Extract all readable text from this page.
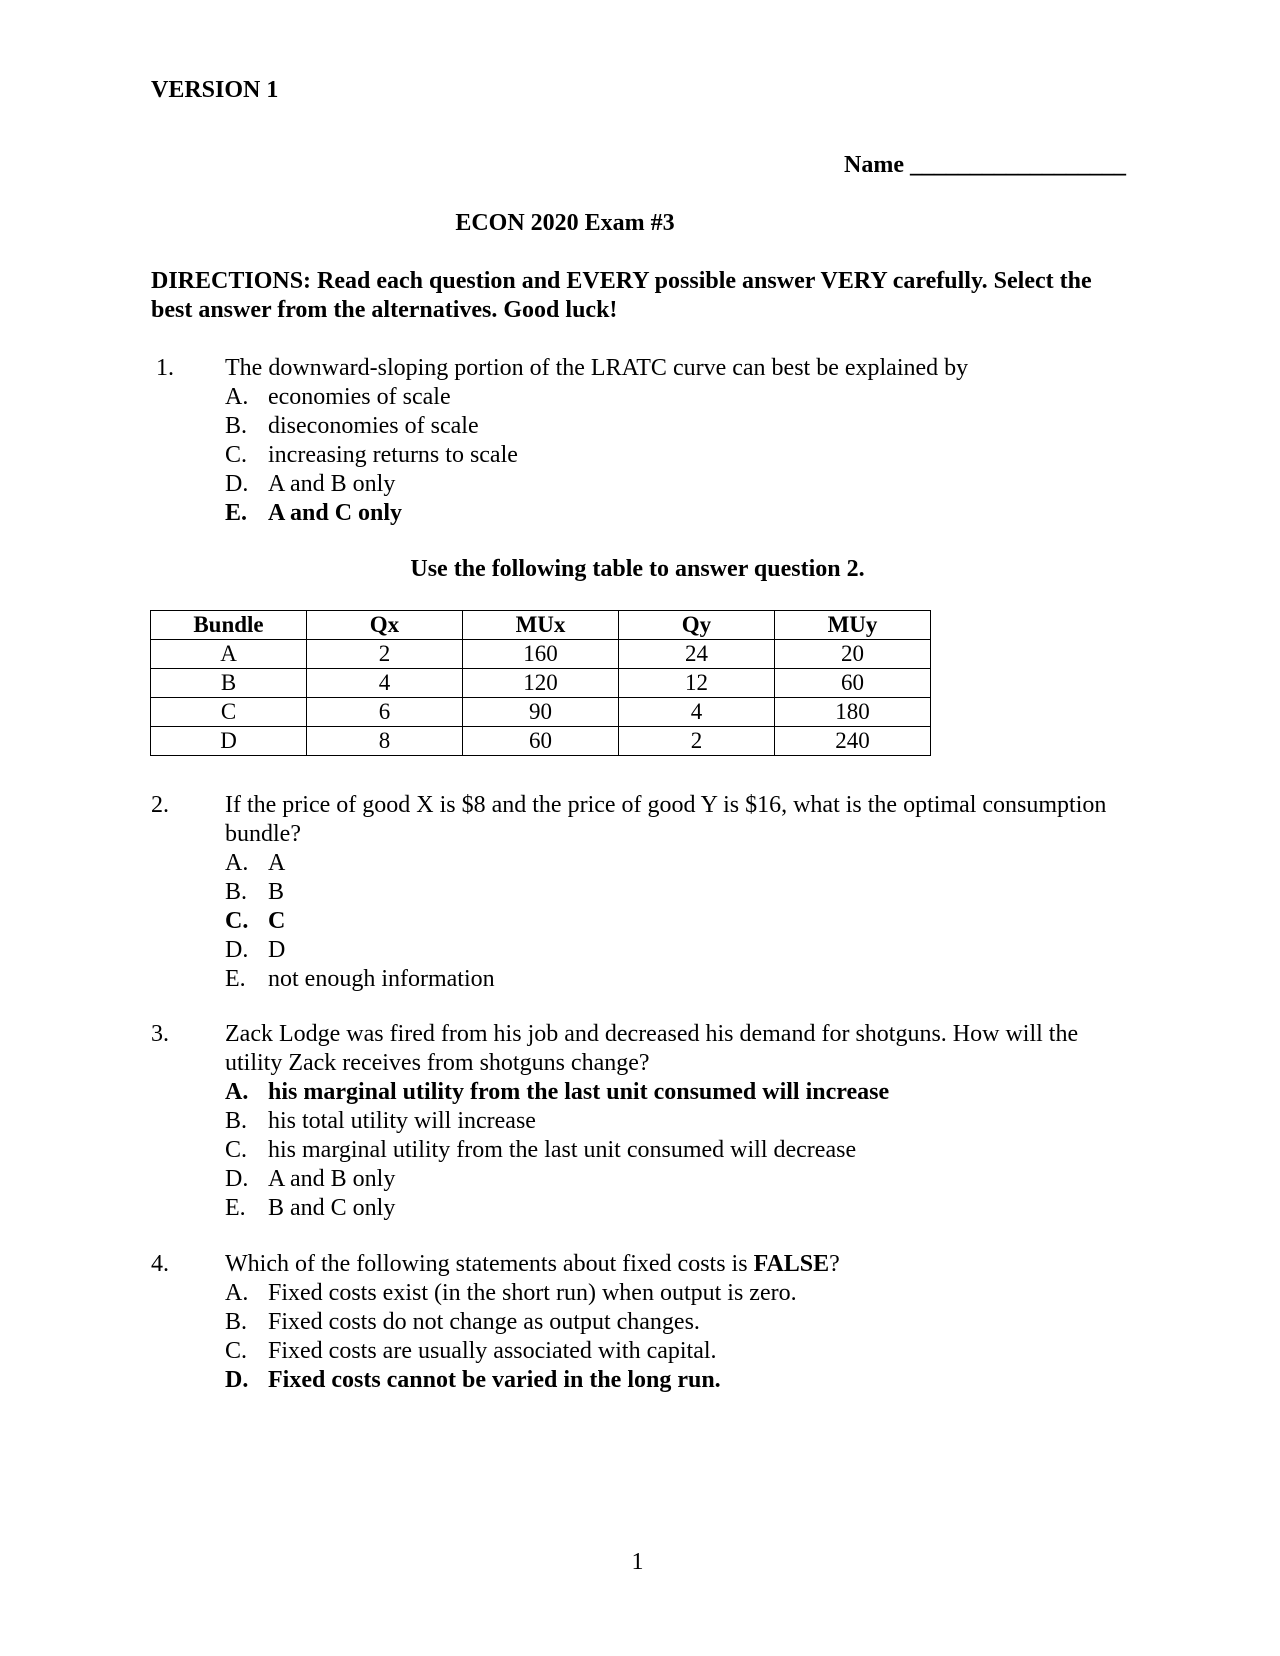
VERSION 1
Name __________________
ECON 2020 Exam #3
DIRECTIONS: Read each question and EVERY possible answer VERY carefully. Select the best answer from the alternatives. Good luck!
1. The downward-sloping portion of the LRATC curve can best be explained by
A. economies of scale
B. diseconomies of scale
C. increasing returns to scale
D. A and B only
E. A and C only
Use the following table to answer question 2.
Bundle	Qx	MUx	Qy	MUy
A	2	160	24	20
B	4	120	12	60
C	6	90	4	180
D	8	60	2	240
2. If the price of good X is $8 and the price of good Y is $16, what is the optimal consumption bundle?
A. A
B. B
C. C
D. D
E. not enough information
3. Zack Lodge was fired from his job and decreased his demand for shotguns. How will the utility Zack receives from shotguns change?
A. his marginal utility from the last unit consumed will increase
B. his total utility will increase
C. his marginal utility from the last unit consumed will decrease
D. A and B only
E. B and C only
4. Which of the following statements about fixed costs is FALSE?
A. Fixed costs exist (in the short run) when output is zero.
B. Fixed costs do not change as output changes.
C. Fixed costs are usually associated with capital.
D. Fixed costs cannot be varied in the long run.
1
